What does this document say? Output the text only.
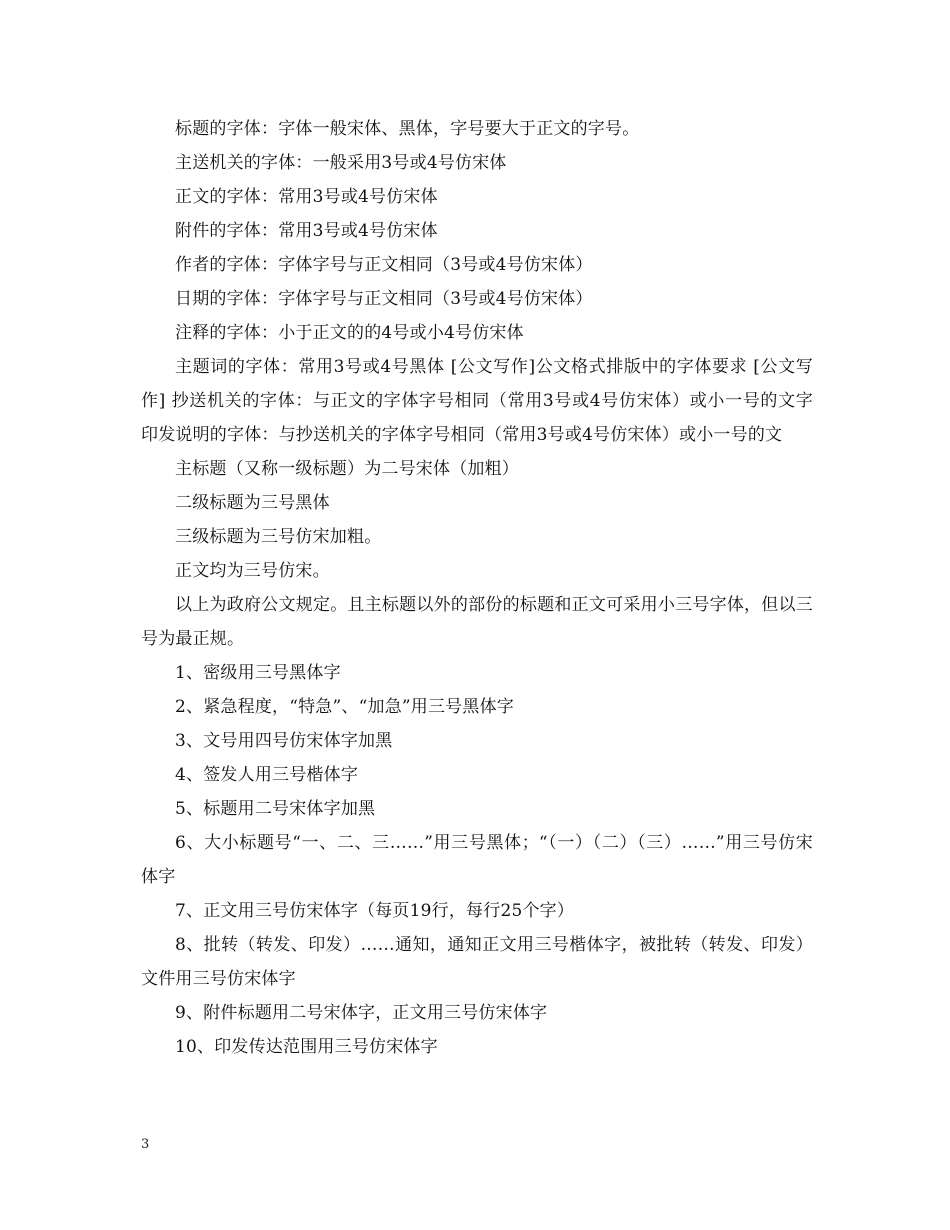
标题的字体：字体一般宋体、黑体，字号要大于正文的字号。

主送机关的字体：一般采用3号或4号仿宋体

正文的字体：常用3号或4号仿宋体

附件的字体：常用3号或4号仿宋体

作者的字体：字体字号与正文相同（3号或4号仿宋体）

日期的字体：字体字号与正文相同（3号或4号仿宋体）

注释的字体：小于正文的的4号或小4号仿宋体

主题词的字体：常用3号或4号黑体 [公文写作]公文格式排版中的字体要求 [公文写作] 抄送机关的字体：与正文的字体字号相同（常用3号或4号仿宋体）或小一号的文字 印发说明的字体：与抄送机关的字体字号相同（常用3号或4号仿宋体）或小一号的文

主标题（又称一级标题）为二号宋体（加粗）

二级标题为三号黑体

三级标题为三号仿宋加粗。

正文均为三号仿宋。

以上为政府公文规定。且主标题以外的部份的标题和正文可采用小三号字体，但以三号为最正规。

1、密级用三号黑体字

2、紧急程度，“特急”、“加急”用三号黑体字

3、文号用四号仿宋体字加黑

4、签发人用三号楷体字

5、标题用二号宋体字加黑

6、大小标题号“一、二、三……”用三号黑体；“（一）（二）（三）……”用三号仿宋体字

7、正文用三号仿宋体字（每页19行，每行25个字）

8、批转（转发、印发）……通知，通知正文用三号楷体字，被批转（转发、印发）文件用三号仿宋体字

9、附件标题用二号宋体字，正文用三号仿宋体字

10、印发传达范围用三号仿宋体字

3
